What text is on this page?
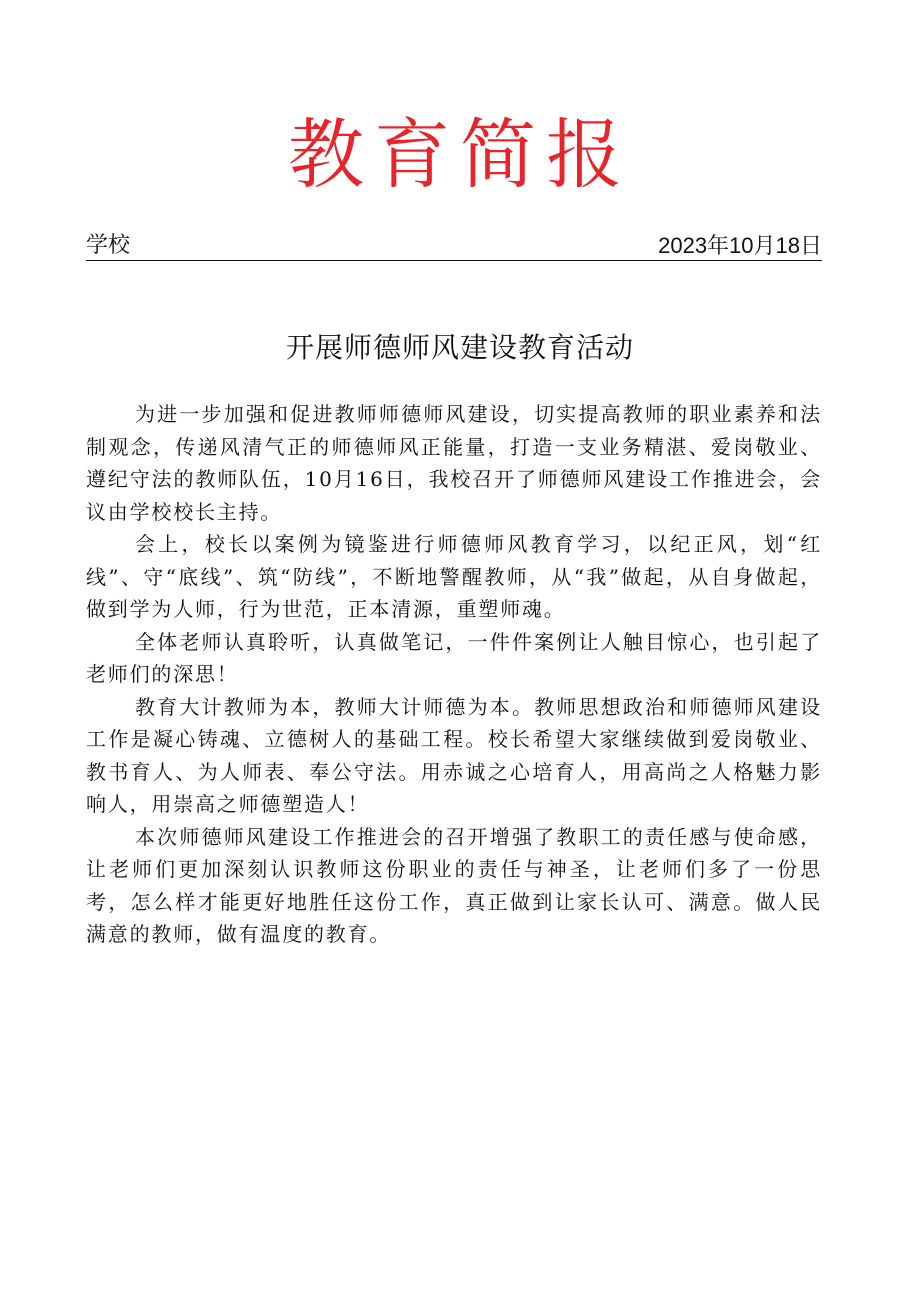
教育简报
学校	2023年10月18日
开展师德师风建设教育活动

为进一步加强和促进教师师德师风建设，切实提高教师的职业素养和法制观念，传递风清气正的师德师风正能量，打造一支业务精湛、爱岗敬业、遵纪守法的教师队伍，10月16日，我校召开了师德师风建设工作推进会，会议由学校校长主持。

会上，校长以案例为镜鉴进行师德师风教育学习，以纪正风，划“红线”、守“底线”、筑“防线”，不断地警醒教师，从“我”做起，从自身做起，做到学为人师，行为世范，正本清源，重塑师魂。

全体老师认真聆听，认真做笔记，一件件案例让人触目惊心，也引起了老师们的深思！

教育大计教师为本，教师大计师德为本。教师思想政治和师德师风建设工作是凝心铸魂、立德树人的基础工程。校长希望大家继续做到爱岗敬业、教书育人、为人师表、奉公守法。用赤诚之心培育人，用高尚之人格魅力影响人，用崇高之师德塑造人！

本次师德师风建设工作推进会的召开增强了教职工的责任感与使命感，让老师们更加深刻认识教师这份职业的责任与神圣，让老师们多了一份思考，怎么样才能更好地胜任这份工作，真正做到让家长认可、满意。做人民满意的教师，做有温度的教育。
